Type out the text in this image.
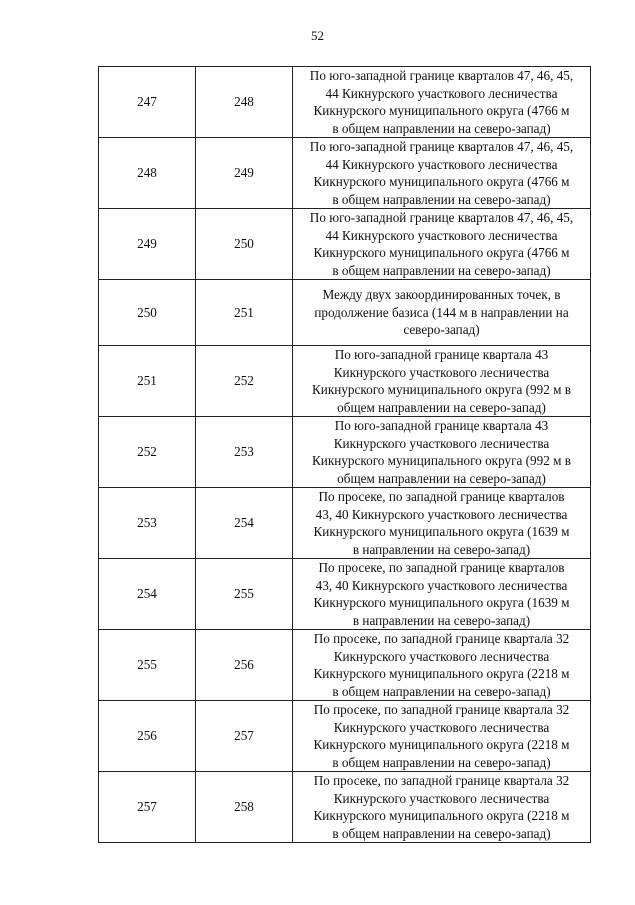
52
247	248	По юго-западной границе кварталов 47, 46, 45,
44 Кикнурского участкового лесничества
Кикнурского муниципального округа (4766 м
в общем направлении на северо-запад)

248	249	По юго-западной границе кварталов 47, 46, 45,
44 Кикнурского участкового лесничества
Кикнурского муниципального округа (4766 м
в общем направлении на северо-запад)

249	250	По юго-западной границе кварталов 47, 46, 45,
44 Кикнурского участкового лесничества
Кикнурского муниципального округа (4766 м
в общем направлении на северо-запад)

250	251	Между двух закоординированных точек, в
продолжение базиса (144 м в направлении на
северо-запад)

251	252	По юго-западной границе квартала 43
Кикнурского участкового лесничества
Кикнурского муниципального округа (992 м в
общем направлении на северо-запад)

252	253	По юго-западной границе квартала 43
Кикнурского участкового лесничества
Кикнурского муниципального округа (992 м в
общем направлении на северо-запад)

253	254	По просеке, по западной границе кварталов
43, 40 Кикнурского участкового лесничества
Кикнурского муниципального округа (1639 м
в направлении на северо-запад)

254	255	По просеке, по западной границе кварталов
43, 40 Кикнурского участкового лесничества
Кикнурского муниципального округа (1639 м
в направлении на северо-запад)

255	256	По просеке, по западной границе квартала 32
Кикнурского участкового лесничества
Кикнурского муниципального округа (2218 м
в общем направлении на северо-запад)

256	257	По просеке, по западной границе квартала 32
Кикнурского участкового лесничества
Кикнурского муниципального округа (2218 м
в общем направлении на северо-запад)

257	258	По просеке, по западной границе квартала 32
Кикнурского участкового лесничества
Кикнурского муниципального округа (2218 м
в общем направлении на северо-запад)
